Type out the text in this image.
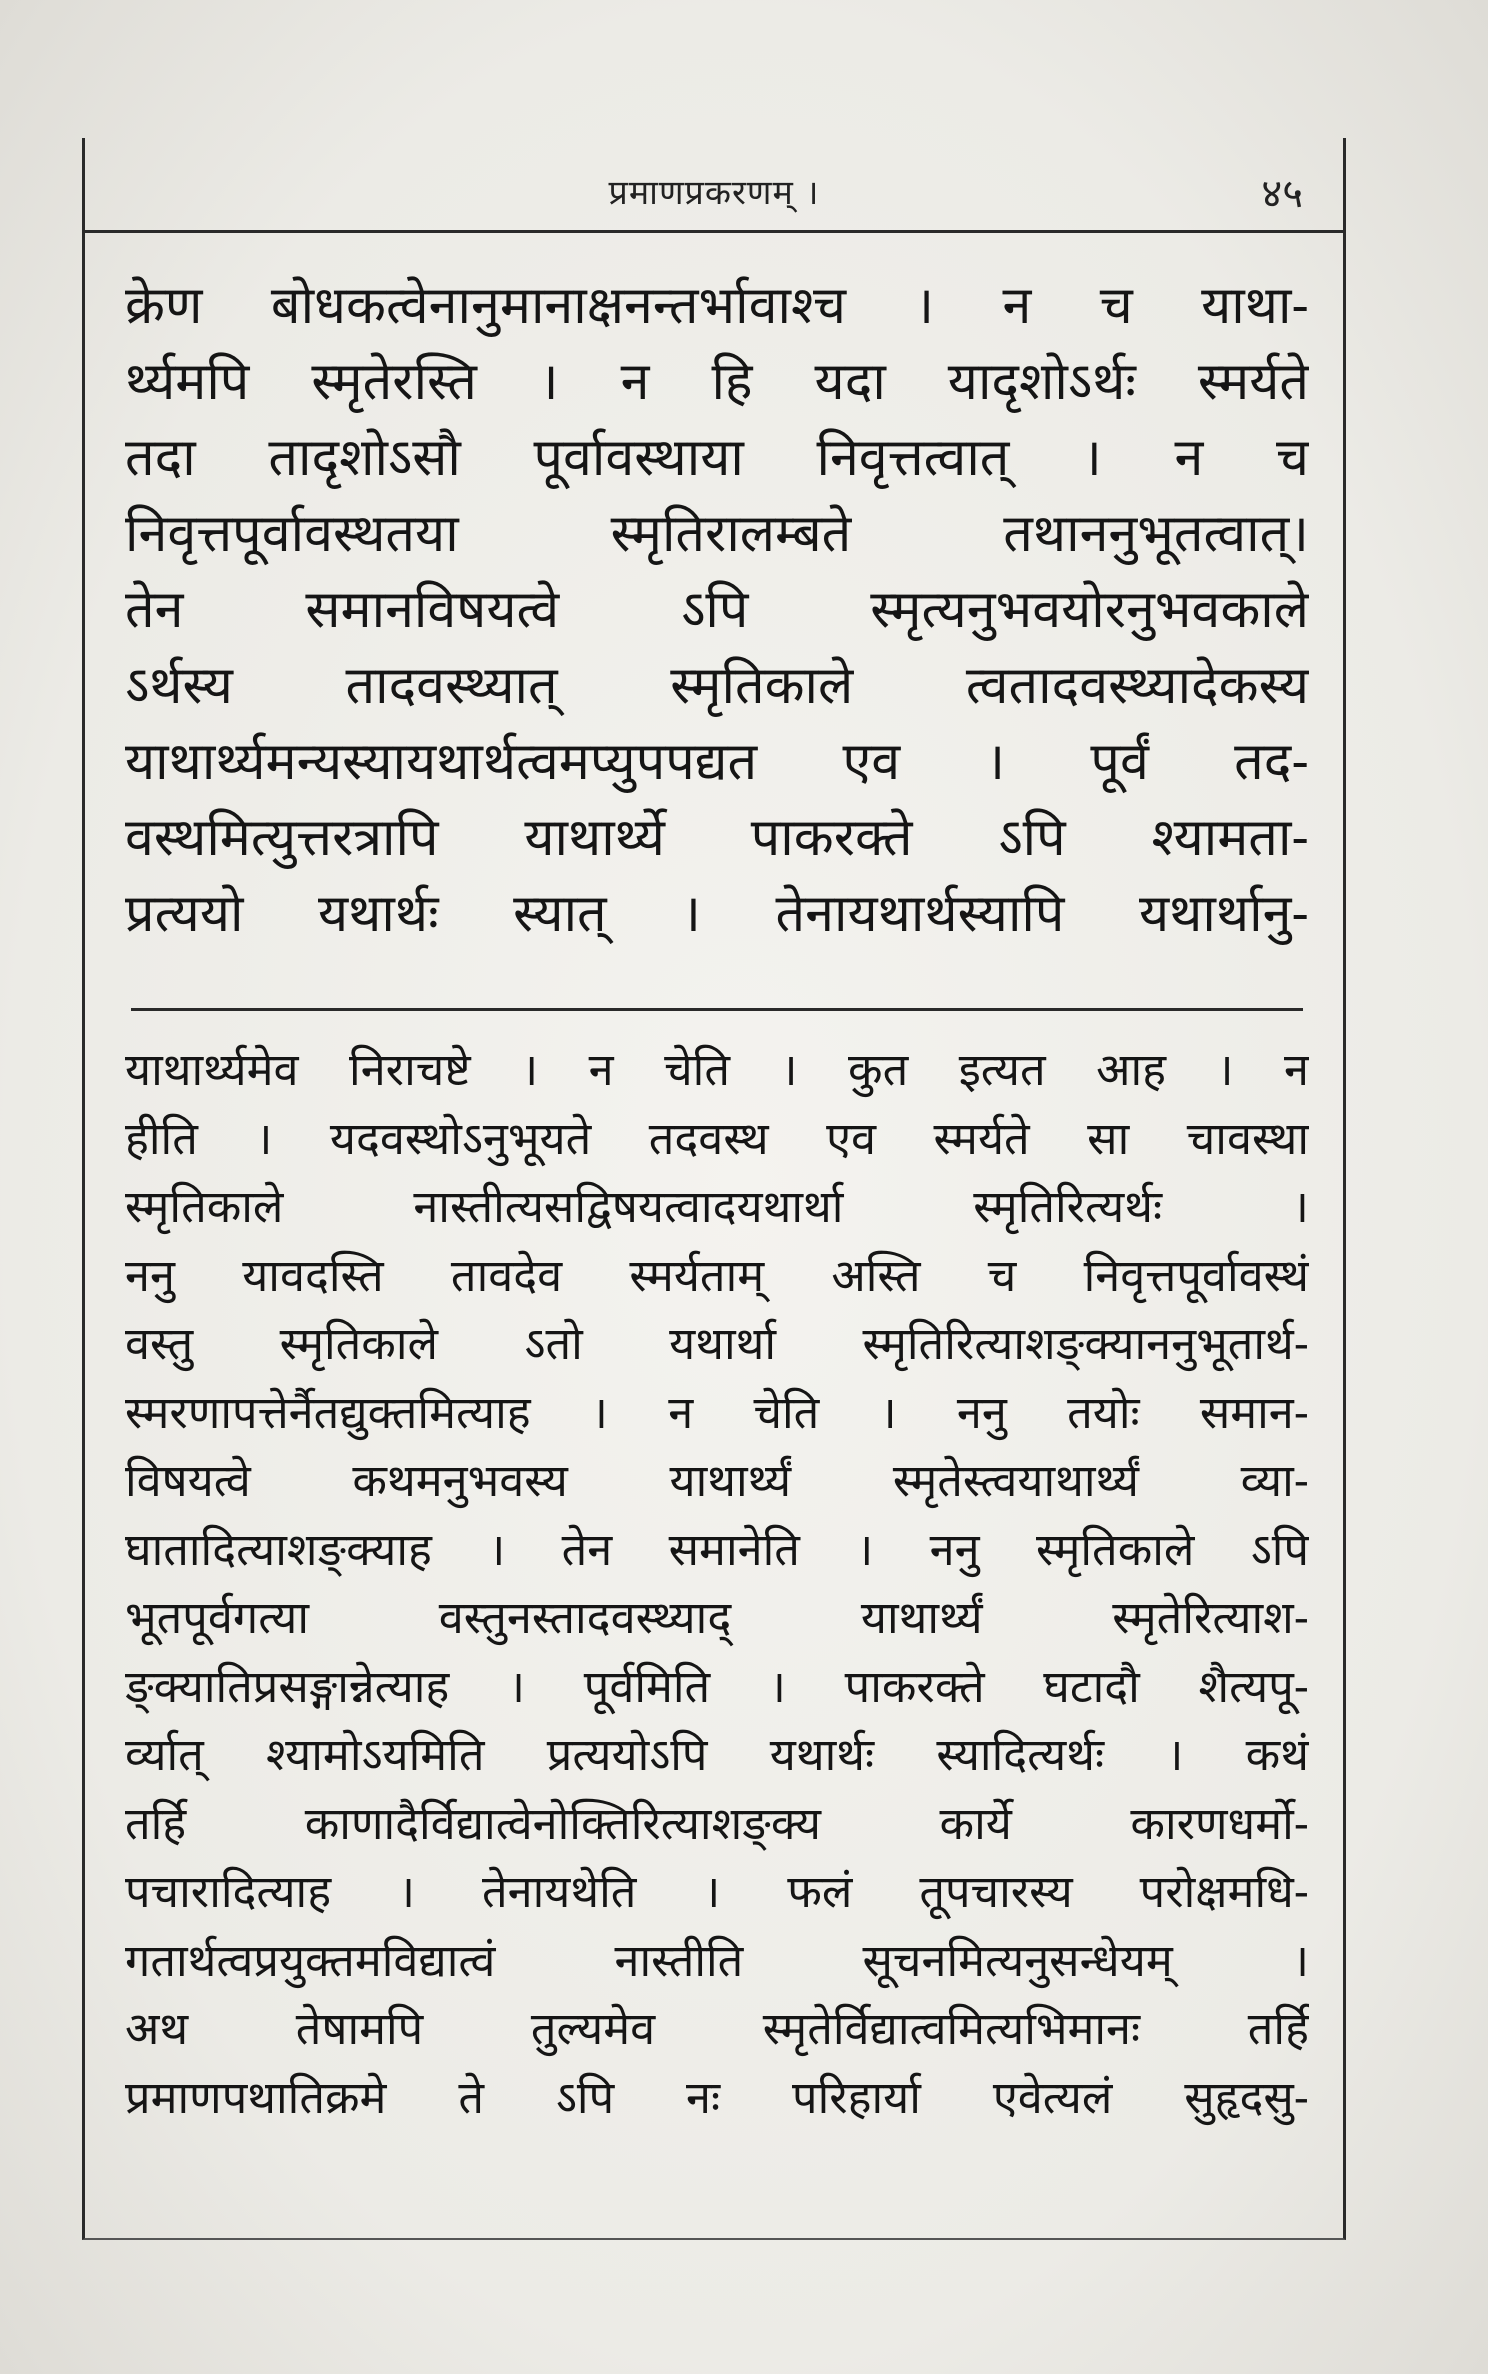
प्रमाणप्रकरणम् ।	४५
क्रेण बोधकत्वेनानुमानाक्षनन्तर्भावाश्च । न च याथा-
र्थ्यमपि स्मृतेरस्ति । न हि यदा यादृशोऽर्थः स्मर्यते
तदा तादृशोऽसौ पूर्वावस्थाया निवृत्तत्वात् । न च
निवृत्तपूर्वावस्थतया स्मृतिरालम्बते तथाननुभूतत्वात्।
तेन समानविषयत्वे ऽपि स्मृत्यनुभवयोरनुभवकाले
ऽर्थस्य तादवस्थ्यात् स्मृतिकाले त्वतादवस्थ्यादेकस्य
याथार्थ्यमन्यस्यायथार्थत्वमप्युपपद्यत एव । पूर्वं तद-
वस्थमित्युत्तरत्रापि याथार्थ्ये पाकरक्ते ऽपि श्यामता-
प्रत्ययो यथार्थः स्यात् । तेनायथार्थस्यापि यथार्थानु-
याथार्थ्यमेव निराचष्टे । न चेति । कुत इत्यत आह । न
हीति । यदवस्थोऽनुभूयते तदवस्थ एव स्मर्यते सा चावस्था
स्मृतिकाले नास्तीत्यसद्विषयत्वादयथार्था स्मृतिरित्यर्थः ।
ननु यावदस्ति तावदेव स्मर्यताम् अस्ति च निवृत्तपूर्वावस्थं
वस्तु स्मृतिकाले ऽतो यथार्था स्मृतिरित्याशङ्क्याननुभूतार्थ-
स्मरणापत्तेर्नैतद्युक्तमित्याह । न चेति । ननु तयोः समान-
विषयत्वे कथमनुभवस्य याथार्थ्यं स्मृतेस्त्वयाथार्थ्यं व्या-
घातादित्याशङ्क्याह । तेन समानेति । ननु स्मृतिकाले ऽपि
भूतपूर्वगत्या वस्तुनस्तादवस्थ्याद् याथार्थ्यं स्मृतेरित्याश-
ङ्क्यातिप्रसङ्गान्नेत्याह । पूर्वमिति । पाकरक्ते घटादौ शैत्यपू-
र्व्यात् श्यामोऽयमिति प्रत्ययोऽपि यथार्थः स्यादित्यर्थः । कथं
तर्हि काणादैर्विद्यात्वेनोक्तिरित्याशङ्क्य कार्ये कारणधर्मो-
पचारादित्याह । तेनायथेति । फलं तूपचारस्य परोक्षमधि-
गतार्थत्वप्रयुक्तमविद्यात्वं नास्तीति सूचनमित्यनुसन्धेयम् ।
अथ तेषामपि तुल्यमेव स्मृतेर्विद्यात्वमित्यभिमानः तर्हि
प्रमाणपथातिक्रमे ते ऽपि नः परिहार्या एवेत्यलं सुहृदसु-
